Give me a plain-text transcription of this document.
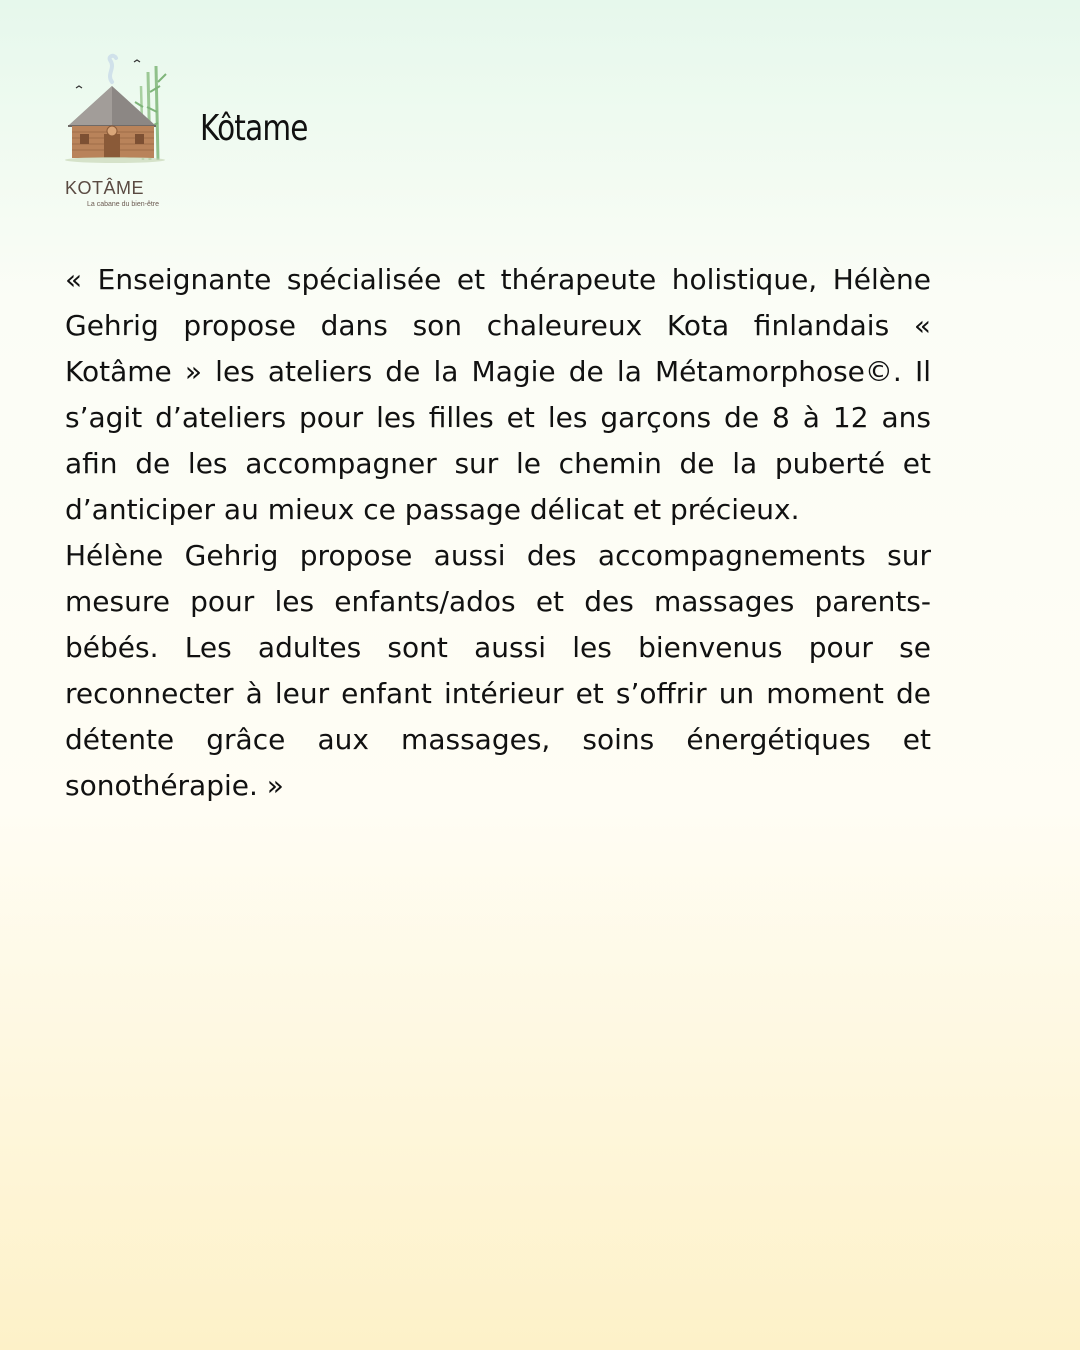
KOTÂME
La cabane du bien-être
Kôtame

« Enseignante spécialisée et thérapeute holistique, Hélène Gehrig propose dans son chaleureux Kota finlandais « Kotâme » les ateliers de la Magie de la Métamorphose©. Il s’agit d’ateliers pour les filles et les garçons de 8 à 12 ans afin de les accompagner sur le chemin de la puberté et d’anticiper au mieux ce passage délicat et précieux.

Hélène Gehrig propose aussi des accompagnements sur mesure pour les enfants/ados et des massages parents-bébés. Les adultes sont aussi les bienvenus pour se reconnecter à leur enfant intérieur et s’offrir un moment de détente grâce aux massages, soins énergétiques et sonothérapie. »
